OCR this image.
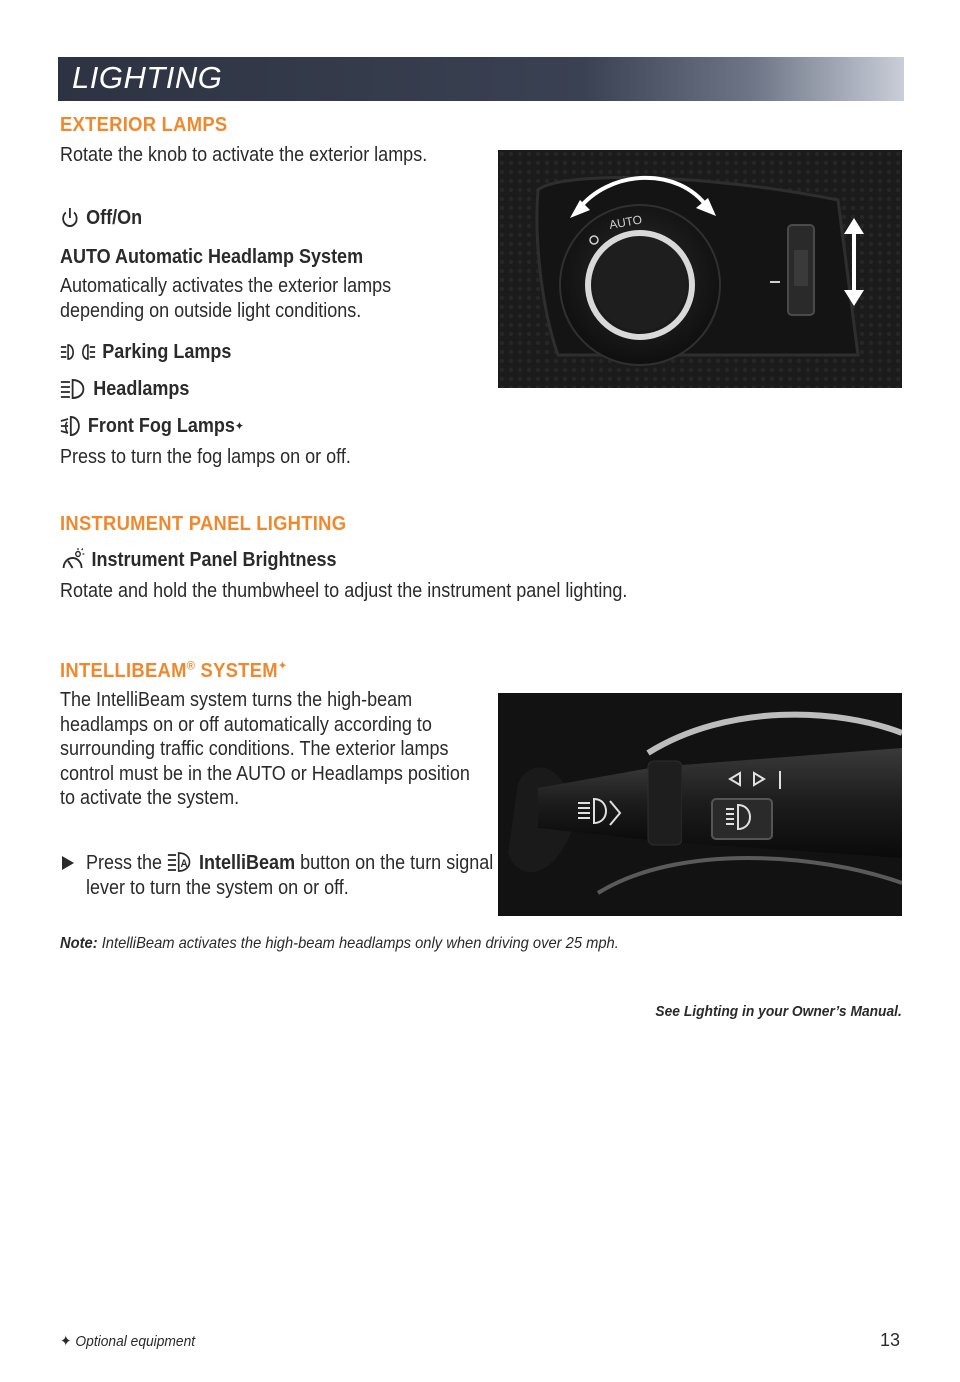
LIGHTING
EXTERIOR LAMPS
Rotate the knob to activate the exterior lamps.
Off/On
AUTO Automatic Headlamp System
Automatically activates the exterior lamps depending on outside light conditions.
Parking Lamps
Headlamps
Front Fog Lamps ✦
Press to turn the fog lamps on or off.
AUTO
INSTRUMENT PANEL LIGHTING
Instrument Panel Brightness
Rotate and hold the thumbwheel to adjust the instrument panel lighting.
INTELLIBEAM® SYSTEM✦
The IntelliBeam system turns the high-beam headlamps on or off automatically according to surrounding traffic conditions. The exterior lamps control must be in the AUTO or Headlamps position to activate the system.
Press the A IntelliBeam button on the turn signal lever to turn the system on or off.
Note: IntelliBeam activates the high-beam headlamps only when driving over 25 mph.
See Lighting in your Owner’s Manual.
✦ Optional equipment	13
